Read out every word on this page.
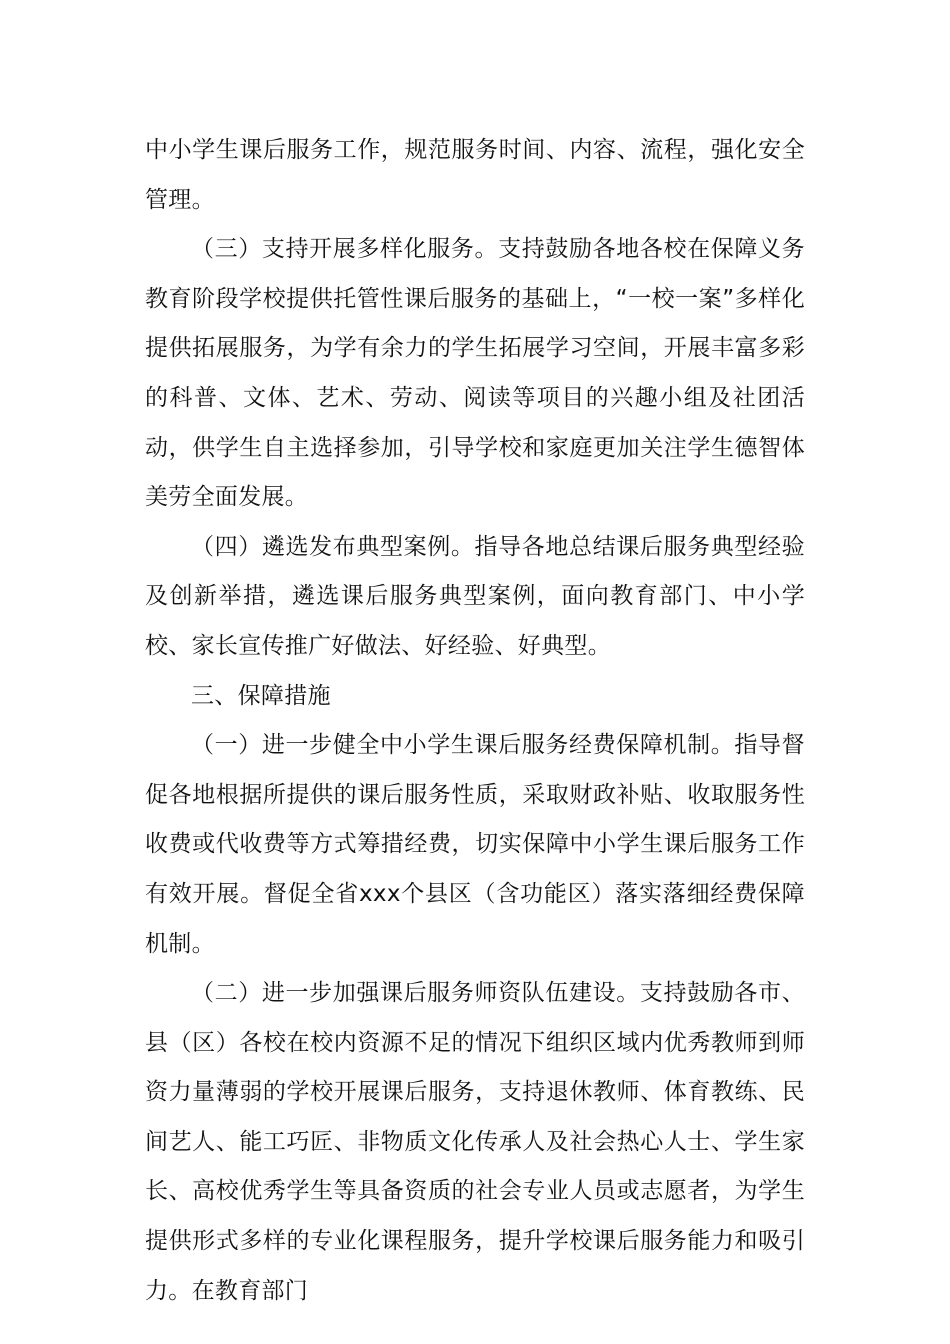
中小学生课后服务工作，规范服务时间、内容、流程，强化安全管理。

（三）支持开展多样化服务。支持鼓励各地各校在保障义务教育阶段学校提供托管性课后服务的基础上，“一校一案”多样化提供拓展服务，为学有余力的学生拓展学习空间，开展丰富多彩的科普、文体、艺术、劳动、阅读等项目的兴趣小组及社团活动，供学生自主选择参加，引导学校和家庭更加关注学生德智体美劳全面发展。

（四）遴选发布典型案例。指导各地总结课后服务典型经验及创新举措，遴选课后服务典型案例，面向教育部门、中小学校、家长宣传推广好做法、好经验、好典型。

三、保障措施

（一）进一步健全中小学生课后服务经费保障机制。指导督促各地根据所提供的课后服务性质，采取财政补贴、收取服务性收费或代收费等方式筹措经费，切实保障中小学生课后服务工作有效开展。督促全省xxx个县区（含功能区）落实落细经费保障机制。

（二）进一步加强课后服务师资队伍建设。支持鼓励各市、县（区）各校在校内资源不足的情况下组织区域内优秀教师到师资力量薄弱的学校开展课后服务，支持退休教师、体育教练、民间艺人、能工巧匠、非物质文化传承人及社会热心人士、学生家长、高校优秀学生等具备资质的社会专业人员或志愿者，为学生提供形式多样的专业化课程服务，提升学校课后服务能力和吸引力。在教育部门
